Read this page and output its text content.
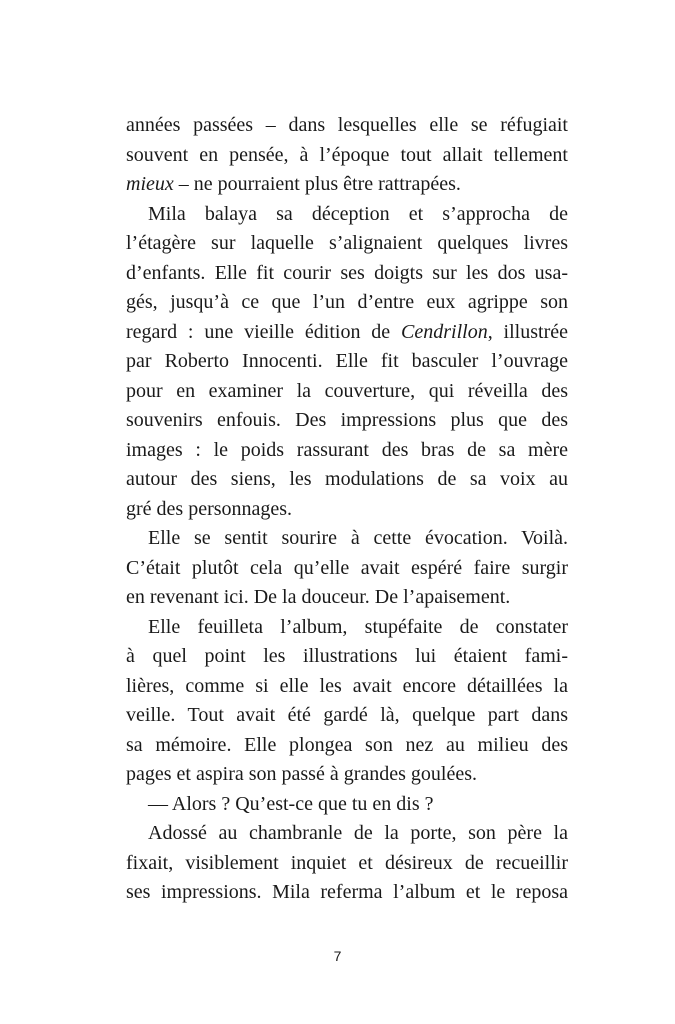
années passées – dans lesquelles elle se réfugiait
souvent en pensée, à l’époque tout allait tellement
mieux – ne pourraient plus être rattrapées.
Mila balaya sa déception et s’approcha de
l’étagère sur laquelle s’alignaient quelques livres
d’enfants. Elle fit courir ses doigts sur les dos usa-
gés, jusqu’à ce que l’un d’entre eux agrippe son
regard : une vieille édition de Cendrillon, illustrée
par Roberto Innocenti. Elle fit basculer l’ouvrage
pour en examiner la couverture, qui réveilla des
souvenirs enfouis. Des impressions plus que des
images : le poids rassurant des bras de sa mère
autour des siens, les modulations de sa voix au
gré des personnages.
Elle se sentit sourire à cette évocation. Voilà.
C’était plutôt cela qu’elle avait espéré faire surgir
en revenant ici. De la douceur. De l’apaisement.
Elle feuilleta l’album, stupéfaite de constater
à quel point les illustrations lui étaient fami-
lières, comme si elle les avait encore détaillées la
veille. Tout avait été gardé là, quelque part dans
sa mémoire. Elle plongea son nez au milieu des
pages et aspira son passé à grandes goulées.
— Alors ? Qu’est-ce que tu en dis ?
Adossé au chambranle de la porte, son père la
fixait, visiblement inquiet et désireux de recueillir
ses impressions. Mila referma l’album et le reposa
7
